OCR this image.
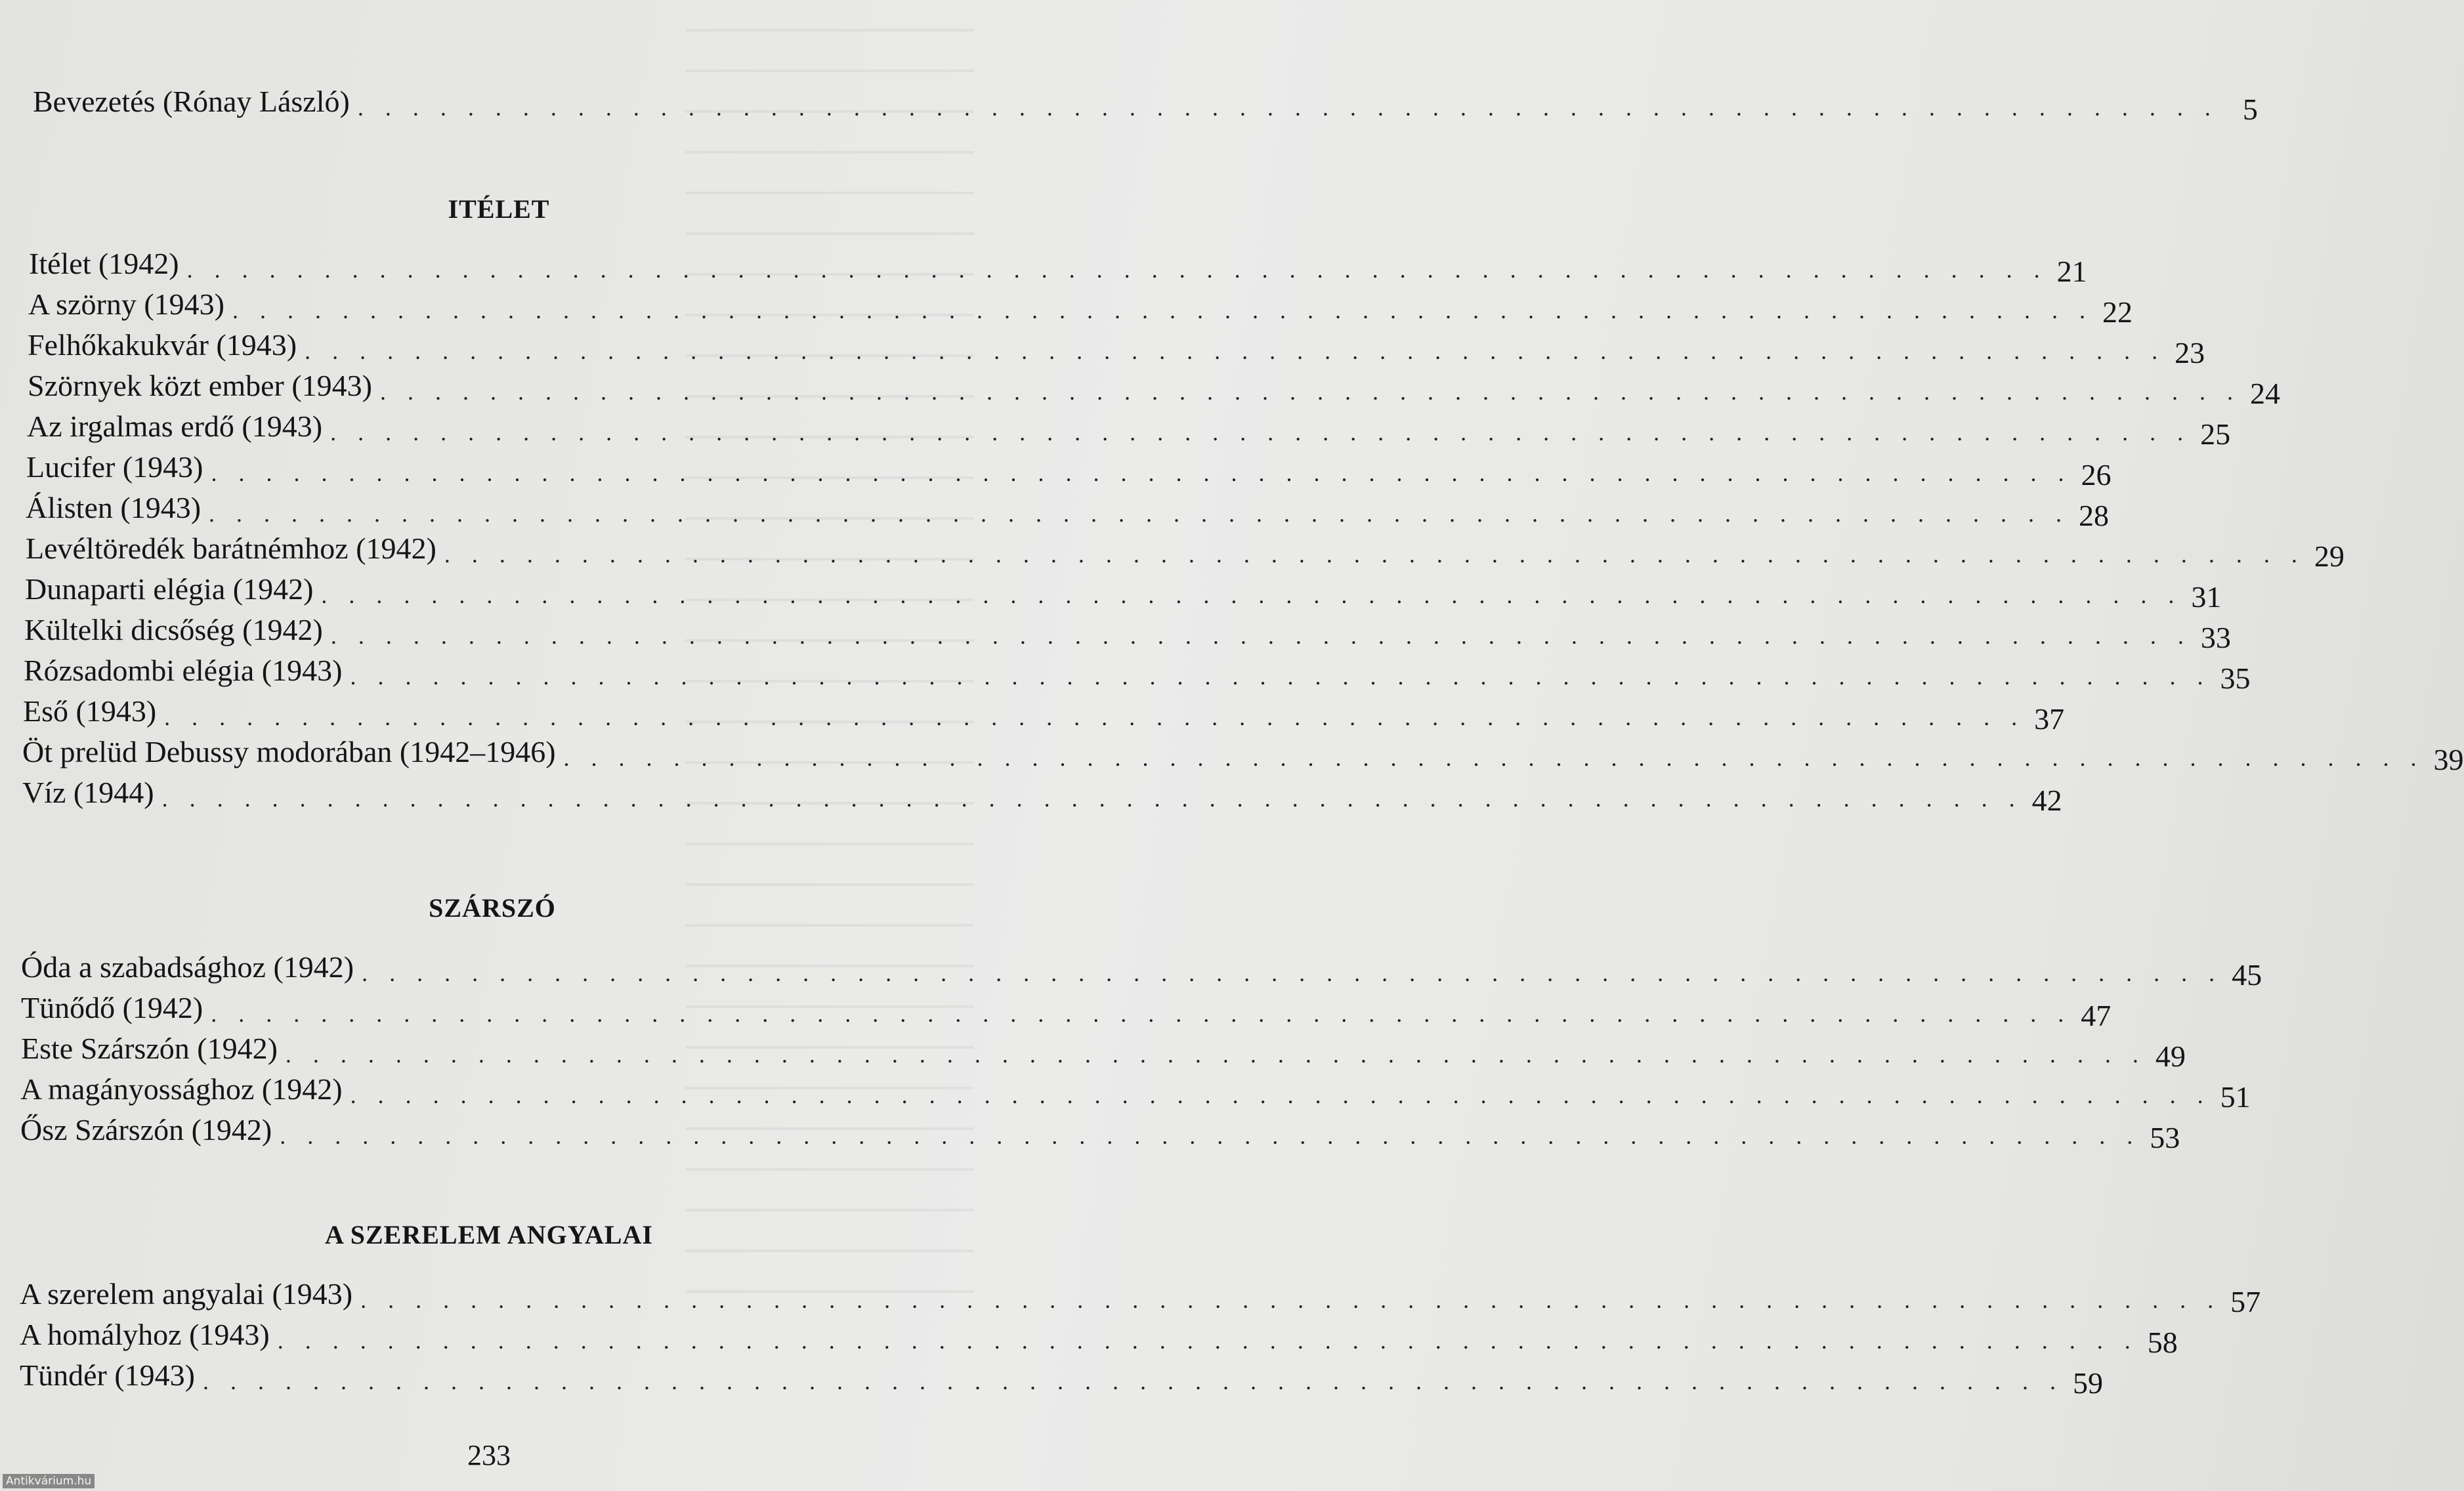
Bevezetés (Rónay László) . . . . . . . . . . . . . . . . . . . . . . . . . . . . . . . . . . . . . . . . . . . . . . . . . . . . . . . . . . . . . . . . . . . . 5
ITÉLET
Itélet (1942) . . . . . . . . . . . . . . . . . . . . . . . . . . . . . . . . . . . . . . . . . . . . . . . . . . . . . . . . . . . . . . . . . . . . 21
A szörny (1943) . . . . . . . . . . . . . . . . . . . . . . . . . . . . . . . . . . . . . . . . . . . . . . . . . . . . . . . . . . . . . . . . . . . . 22
Felhőkakukvár (1943) . . . . . . . . . . . . . . . . . . . . . . . . . . . . . . . . . . . . . . . . . . . . . . . . . . . . . . . . . . . . . . . . . . . . 23
Szörnyek közt ember (1943) . . . . . . . . . . . . . . . . . . . . . . . . . . . . . . . . . . . . . . . . . . . . . . . . . . . . . . . . . . . . . . . . . . . . 24
Az irgalmas erdő (1943) . . . . . . . . . . . . . . . . . . . . . . . . . . . . . . . . . . . . . . . . . . . . . . . . . . . . . . . . . . . . . . . . . . . . 25
Lucifer (1943) . . . . . . . . . . . . . . . . . . . . . . . . . . . . . . . . . . . . . . . . . . . . . . . . . . . . . . . . . . . . . . . . . . . . 26
Álisten (1943) . . . . . . . . . . . . . . . . . . . . . . . . . . . . . . . . . . . . . . . . . . . . . . . . . . . . . . . . . . . . . . . . . . . . 28
Levéltöredék barátnémhoz (1942) . . . . . . . . . . . . . . . . . . . . . . . . . . . . . . . . . . . . . . . . . . . . . . . . . . . . . . . . . . . . . . . . . . . . 29
Dunaparti elégia (1942) . . . . . . . . . . . . . . . . . . . . . . . . . . . . . . . . . . . . . . . . . . . . . . . . . . . . . . . . . . . . . . . . . . . . 31
Kültelki dicsőség (1942) . . . . . . . . . . . . . . . . . . . . . . . . . . . . . . . . . . . . . . . . . . . . . . . . . . . . . . . . . . . . . . . . . . . . 33
Rózsadombi elégia (1943) . . . . . . . . . . . . . . . . . . . . . . . . . . . . . . . . . . . . . . . . . . . . . . . . . . . . . . . . . . . . . . . . . . . . 35
Eső (1943) . . . . . . . . . . . . . . . . . . . . . . . . . . . . . . . . . . . . . . . . . . . . . . . . . . . . . . . . . . . . . . . . . . . . 37
Öt prelüd Debussy modorában (1942–1946) . . . . . . . . . . . . . . . . . . . . . . . . . . . . . . . . . . . . . . . . . . . . . . . . . . . . . . . . . . . . . . . . . . . . 39
Víz (1944) . . . . . . . . . . . . . . . . . . . . . . . . . . . . . . . . . . . . . . . . . . . . . . . . . . . . . . . . . . . . . . . . . . . . 42
SZÁRSZÓ
Óda a szabadsághoz (1942) . . . . . . . . . . . . . . . . . . . . . . . . . . . . . . . . . . . . . . . . . . . . . . . . . . . . . . . . . . . . . . . . . . . . 45
Tünődő (1942) . . . . . . . . . . . . . . . . . . . . . . . . . . . . . . . . . . . . . . . . . . . . . . . . . . . . . . . . . . . . . . . . . . . . 47
Este Szárszón (1942) . . . . . . . . . . . . . . . . . . . . . . . . . . . . . . . . . . . . . . . . . . . . . . . . . . . . . . . . . . . . . . . . . . . . 49
A magányossághoz (1942) . . . . . . . . . . . . . . . . . . . . . . . . . . . . . . . . . . . . . . . . . . . . . . . . . . . . . . . . . . . . . . . . . . . . 51
Ősz Szárszón (1942) . . . . . . . . . . . . . . . . . . . . . . . . . . . . . . . . . . . . . . . . . . . . . . . . . . . . . . . . . . . . . . . . . . . . 53
A SZERELEM ANGYALAI
A szerelem angyalai (1943) . . . . . . . . . . . . . . . . . . . . . . . . . . . . . . . . . . . . . . . . . . . . . . . . . . . . . . . . . . . . . . . . . . . . 57
A homályhoz (1943) . . . . . . . . . . . . . . . . . . . . . . . . . . . . . . . . . . . . . . . . . . . . . . . . . . . . . . . . . . . . . . . . . . . . 58
Tündér (1943) . . . . . . . . . . . . . . . . . . . . . . . . . . . . . . . . . . . . . . . . . . . . . . . . . . . . . . . . . . . . . . . . . . . . 59
233
Antikvárium.hu
